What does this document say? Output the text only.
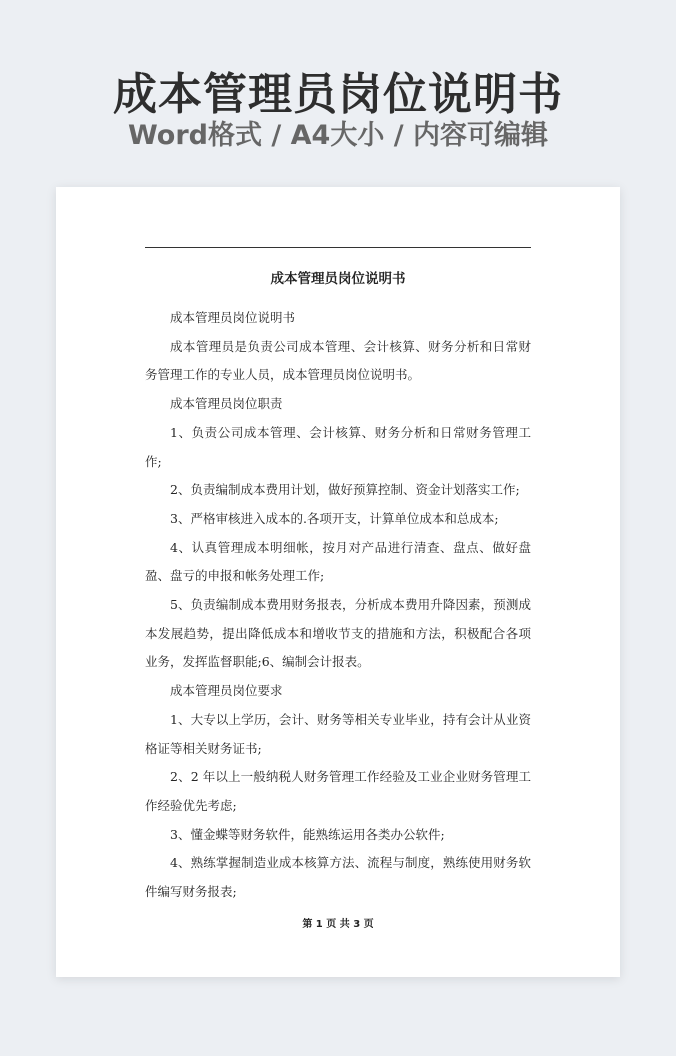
成本管理员岗位说明书
Word格式 / A4大小 / 内容可编辑
成本管理员岗位说明书

成本管理员岗位说明书

成本管理员是负责公司成本管理、会计核算、财务分析和日常财务管理工作的专业人员，成本管理员岗位说明书。

成本管理员岗位职责

1、负责公司成本管理、会计核算、财务分析和日常财务管理工作;

2、负责编制成本费用计划，做好预算控制、资金计划落实工作;

3、严格审核进入成本的.各项开支，计算单位成本和总成本;

4、认真管理成本明细帐，按月对产品进行清查、盘点、做好盘盈、盘亏的申报和帐务处理工作;

5、负责编制成本费用财务报表，分析成本费用升降因素，预测成本发展趋势，提出降低成本和增收节支的措施和方法，积极配合各项业务，发挥监督职能;6、编制会计报表。

成本管理员岗位要求

1、大专以上学历，会计、财务等相关专业毕业，持有会计从业资格证等相关财务证书;

2、2 年以上一般纳税人财务管理工作经验及工业企业财务管理工作经验优先考虑;

3、懂金蝶等财务软件，能熟练运用各类办公软件;

4、熟练掌握制造业成本核算方法、流程与制度，熟练使用财务软件编写财务报表;

第 1 页 共 3 页
